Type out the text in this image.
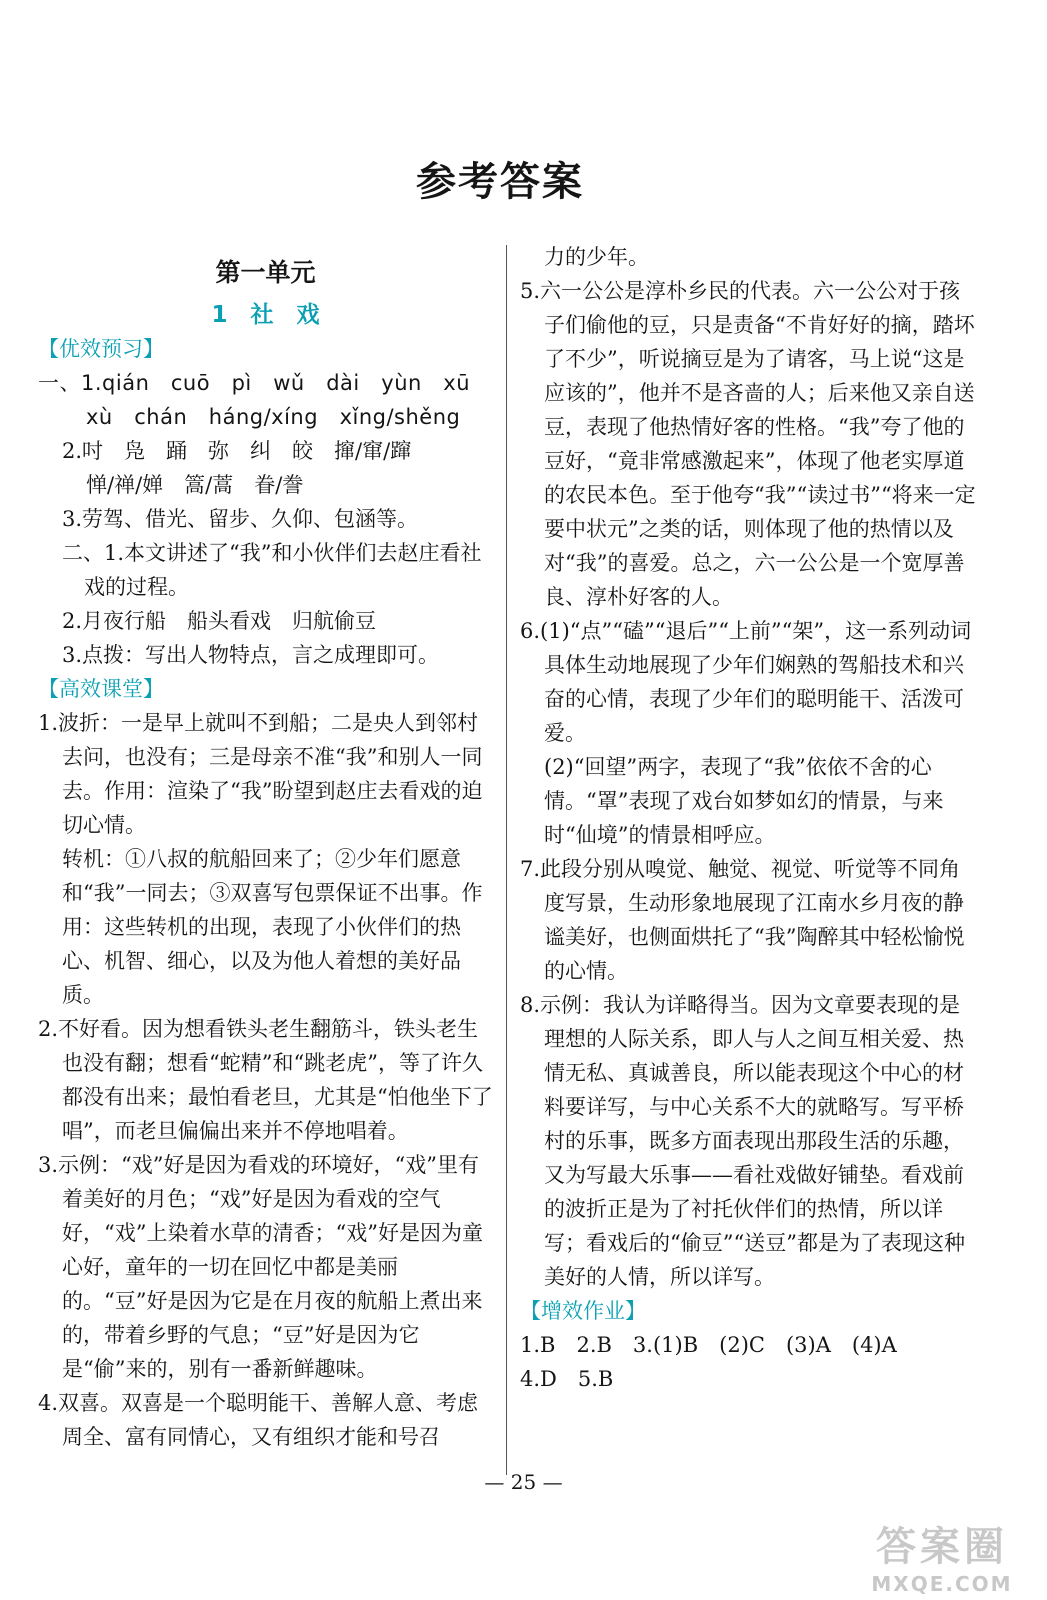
参考答案
第一单元
1　社　戏
【优效预习】
一、1.qián　cuō　pì　wǔ　dài　yùn　xū
xù　chán　háng/xíng　xǐng/shěng
2.吋　凫　踊　弥　纠　皎　撺/窜/蹿
惮/禅/婵　篙/蒿　眷/誊
3.劳驾、借光、留步、久仰、包涵等。
二、1.本文讲述了“我”和小伙伴们去赵庄看社戏的过程。
2.月夜行船　船头看戏　归航偷豆
3.点拨：写出人物特点，言之成理即可。
【高效课堂】
1.波折：一是早上就叫不到船；二是央人到邻村去问，也没有；三是母亲不准“我”和别人一同去。作用：渲染了“我”盼望到赵庄去看戏的迫切心情。
转机：①八叔的航船回来了；②少年们愿意和“我”一同去；③双喜写包票保证不出事。作用：这些转机的出现，表现了小伙伴们的热心、机智、细心，以及为他人着想的美好品质。
2.不好看。因为想看铁头老生翻筋斗，铁头老生也没有翻；想看“蛇精”和“跳老虎”，等了许久都没有出来；最怕看老旦，尤其是“怕他坐下了唱”，而老旦偏偏出来并不停地唱着。
3.示例：“戏”好是因为看戏的环境好，“戏”里有着美好的月色；“戏”好是因为看戏的空气好，“戏”上染着水草的清香；“戏”好是因为童心好，童年的一切在回忆中都是美丽的。“豆”好是因为它是在月夜的航船上煮出来的，带着乡野的气息；“豆”好是因为它是“偷”来的，别有一番新鲜趣味。
4.双喜。双喜是一个聪明能干、善解人意、考虑周全、富有同情心，又有组织才能和号召
力的少年。
5.六一公公是淳朴乡民的代表。六一公公对于孩子们偷他的豆，只是责备“不肯好好的摘，踏坏了不少”，听说摘豆是为了请客，马上说“这是应该的”，他并不是吝啬的人；后来他又亲自送豆，表现了他热情好客的性格。“我”夸了他的豆好，“竟非常感激起来”，体现了他老实厚道的农民本色。至于他夸“我”“读过书”“将来一定要中状元”之类的话，则体现了他的热情以及对“我”的喜爱。总之，六一公公是一个宽厚善良、淳朴好客的人。
6.(1)“点”“磕”“退后”“上前”“架”，这一系列动词具体生动地展现了少年们娴熟的驾船技术和兴奋的心情，表现了少年们的聪明能干、活泼可爱。
(2)“回望”两字，表现了“我”依依不舍的心情。“罩”表现了戏台如梦如幻的情景，与来时“仙境”的情景相呼应。
7.此段分别从嗅觉、触觉、视觉、听觉等不同角度写景，生动形象地展现了江南水乡月夜的静谧美好，也侧面烘托了“我”陶醉其中轻松愉悦的心情。
8.示例：我认为详略得当。因为文章要表现的是理想的人际关系，即人与人之间互相关爱、热情无私、真诚善良，所以能表现这个中心的材料要详写，与中心关系不大的就略写。写平桥村的乐事，既多方面表现出那段生活的乐趣，又为写最大乐事——看社戏做好铺垫。看戏前的波折正是为了衬托伙伴们的热情，所以详写；看戏后的“偷豆”“送豆”都是为了表现这种美好的人情，所以详写。
【增效作业】
1.B　2.B　3.(1)B　(2)C　(3)A　(4)A
4.D　5.B
— 25 —
答案圈
MXQE.COM
